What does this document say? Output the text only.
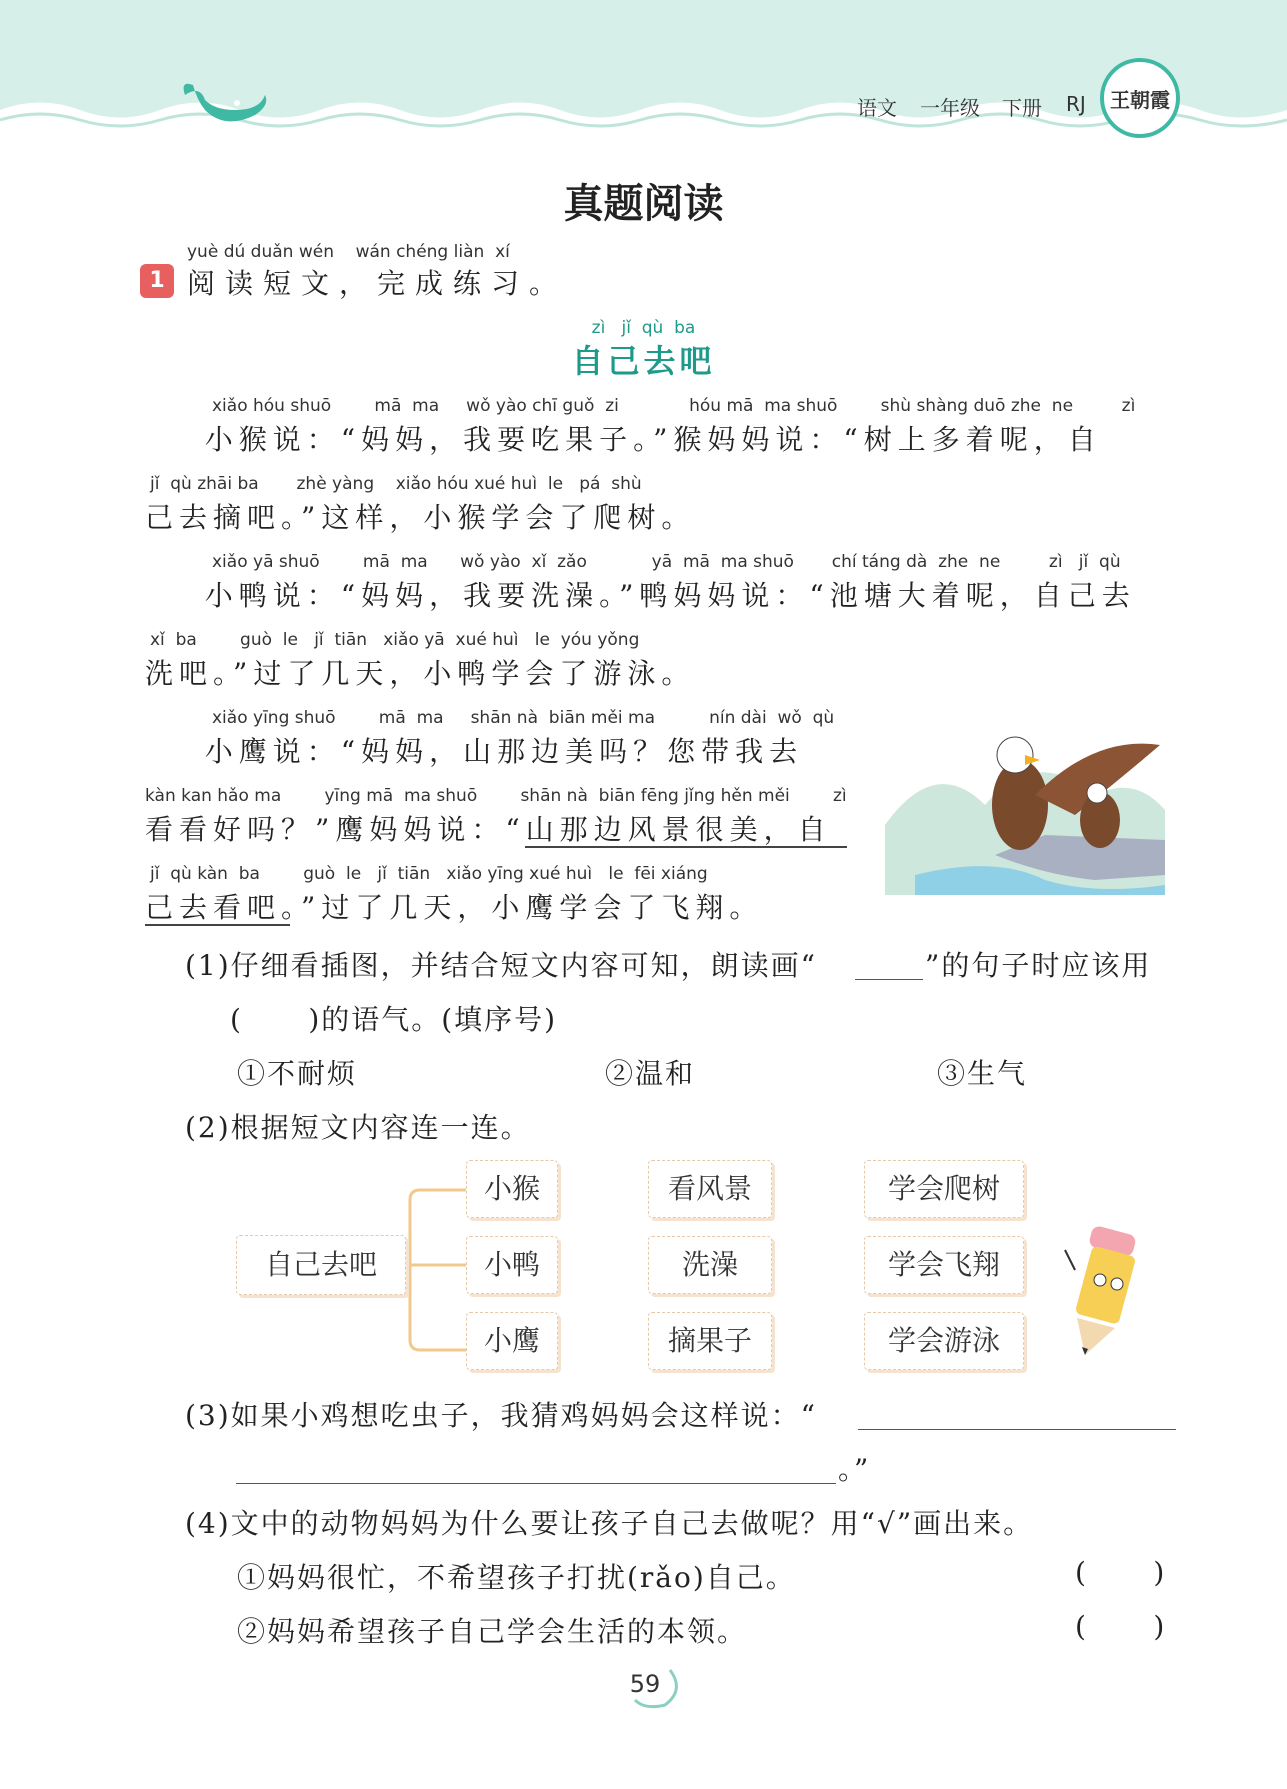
语文 一年级 下册 RJ	王朝霞
真题阅读
yuè dú duǎn wén    wán chéng liàn  xí
1 阅读短文，完成练习。
zì   jǐ  qù  ba
自己去吧
xiǎo hóu shuō        mā  ma     wǒ yào chī guǒ  zi             hóu mā  ma shuō        shù shàng duō zhe  ne         zì
小猴说：“妈妈，我要吃果子。”猴妈妈说：“树上多着呢，自
jǐ  qù zhāi ba       zhè yàng    xiǎo hóu xué huì  le   pá  shù
己去摘吧。”这样，小猴学会了爬树。
xiǎo yā shuō        mā  ma      wǒ yào  xǐ  zǎo            yā  mā  ma shuō       chí táng dà  zhe  ne         zì   jǐ  qù
小鸭说：“妈妈，我要洗澡。”鸭妈妈说：“池塘大着呢，自己去
xǐ  ba        guò  le   jǐ  tiān   xiǎo yā  xué huì   le  yóu yǒng
洗吧。”过了几天，小鸭学会了游泳。
xiǎo yīng shuō        mā  ma     shān nà  biān měi ma          nín dài  wǒ  qù
小鹰说：“妈妈，山那边美吗？您带我去
kàn kan hǎo ma        yīng mā  ma shuō        shān nà  biān fēng jǐng hěn měi        zì
看看好吗？”鹰妈妈说：“山那边风景很美，自
jǐ  qù kàn  ba        guò  le   jǐ  tiān   xiǎo yīng xué huì   le  fēi xiáng
己去看吧。”过了几天，小鹰学会了飞翔。
(1)仔细看插图，并结合短文内容可知，朗读画“	”的句子时应该用
(      )的语气。(填序号)
①不耐烦	②温和	③生气
(2)根据短文内容连一连。
自己去吧
小猴
小鸭
小鹰
看风景
洗澡
摘果子
学会爬树
学会飞翔
学会游泳
(3)如果小鸡想吃虫子，我猜鸡妈妈会这样说：“
。”
(4)文中的动物妈妈为什么要让孩子自己去做呢？用“√”画出来。
①妈妈很忙，不希望孩子打扰(rǎo)自己。	(      )
②妈妈希望孩子自己学会生活的本领。	(      )
59
